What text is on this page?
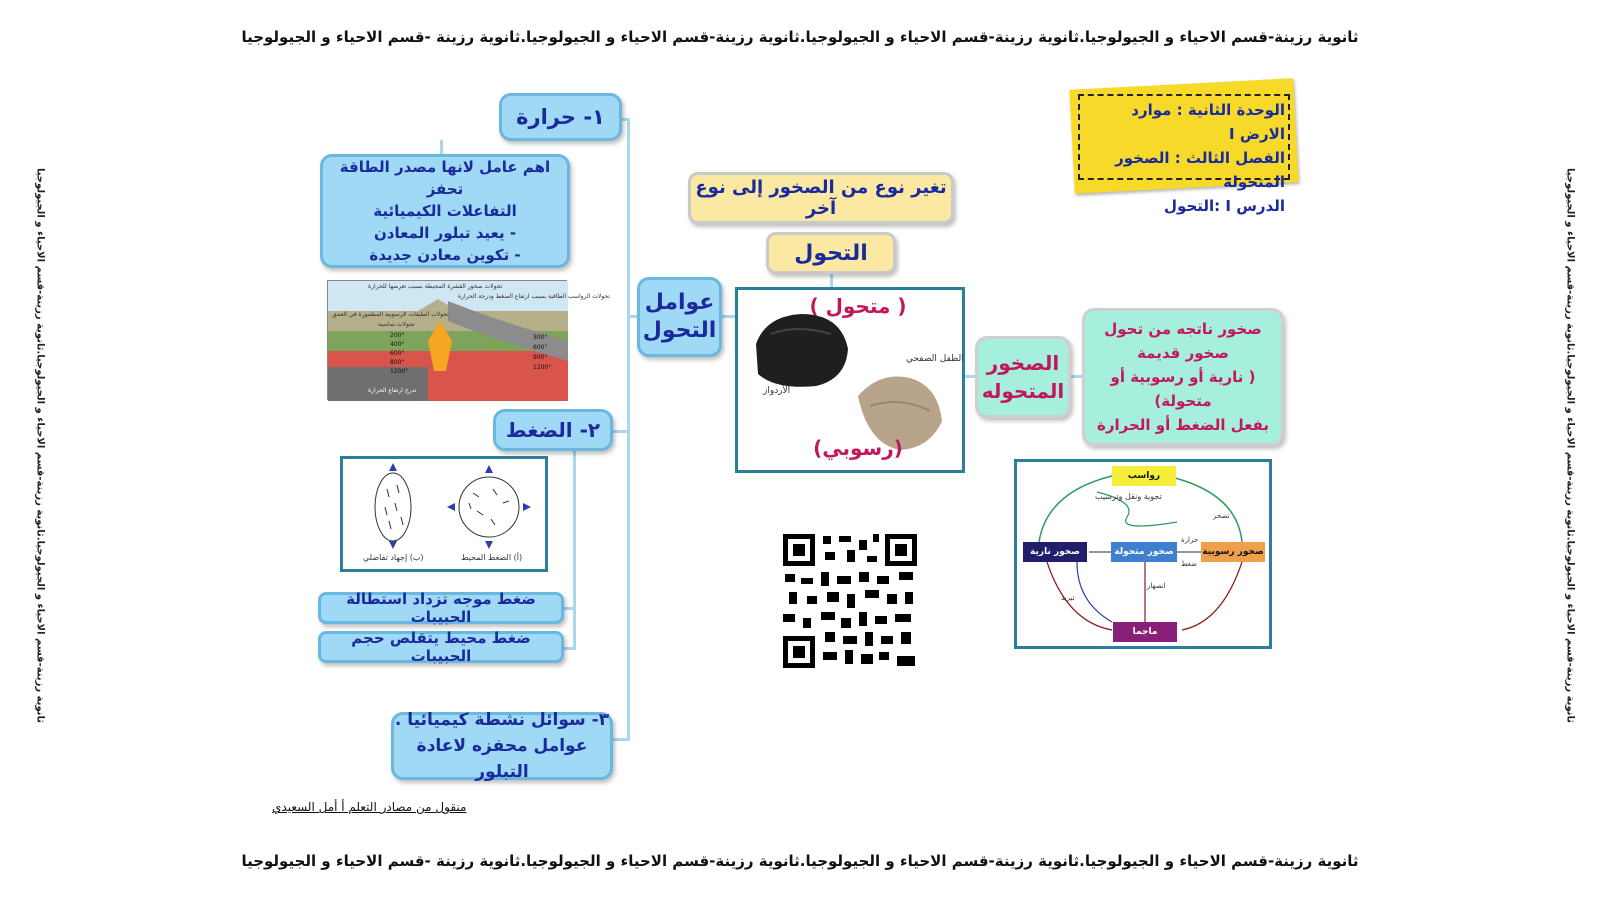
ثانوية رزينة-قسم الاحياء و الجيولوجيا.ثانوية رزينة-قسم الاحياء و الجيولوجيا.ثانوية رزينة-قسم الاحياء و الجيولوجيا.ثانوية رزينة -قسم الاحياء و الجيولوجيا
ثانوية رزينة-قسم الاحياء و الجيولوجيا.ثانوية رزينة-قسم الاحياء و الجيولوجيا.ثانوية رزينة-قسم الاحياء و الجيولوجيا.ثانوية رزينة -قسم الاحياء و الجيولوجيا
ثانوية رزينة-قسم الاحياء و الجيولوجيا.ثانوية رزينة-قسم الاحياء و الجيولوجيا.ثانوية رزينة-قسم الاحياء و الجيولوجيا	ثانوية رزينة-قسم الاحياء و الجيولوجيا.ثانوية رزينة-قسم الاحياء و الجيولوجيا.ثانوية رزينة-قسم الاحياء و الجيولوجيا
الوحدة الثانية : موارد الارض I
الفصل الثالث : الصخور المتحولة
الدرس I :التحول
تغير نوع من الصخور إلى نوع آخر
التحول
( متحول )
الأردواز
الطفل الصفحي
(رسوبي)
عوامل
التحول
١- حرارة
اهم عامل لانها مصدر الطاقة تحفز
التفاعلات الكيميائية
- يعيد تبلور المعادن
- تكوين معادن جديدة
تحولات صخور القشرة المحيطة بسبب تعرضها للحرارة
تحولات الرواسب الطافية بسبب ارتفاع الضغط ودرجة الحرارة
تحولات الطبقات الرسوبية المطمورة في العمق
تحولات تماسية
تدرج ارتفاع الحرارة
200°
400°
600°
800°
1200°
300°
600°
900°
1200°
٢- الضغط
(ب) إجهاد تفاضلي	(أ) الضغط المحيط
ضغط موجه تزداد استطالة الحبيبات
ضغط محيط يتقلص حجم الحبيبات
٣- سوائل نشطة كيميائيا .
عوامل محفزه لاعادة التبلور
الصخور
المتحوله
صخور ناتجه من تحول
صخور قديمة
( نارية أو رسوبية أو متحولة)
بفعل الضغط أو الحرارة
رواسب
تجوية ونقل وترسيب
صخور رسوبية
صخور متحولة
صخور نارية
ماجما
حرارة
ضغط
انصهار
تبريد
تصخر
منقول من مصادر التعلم أ أمل السعيدي
